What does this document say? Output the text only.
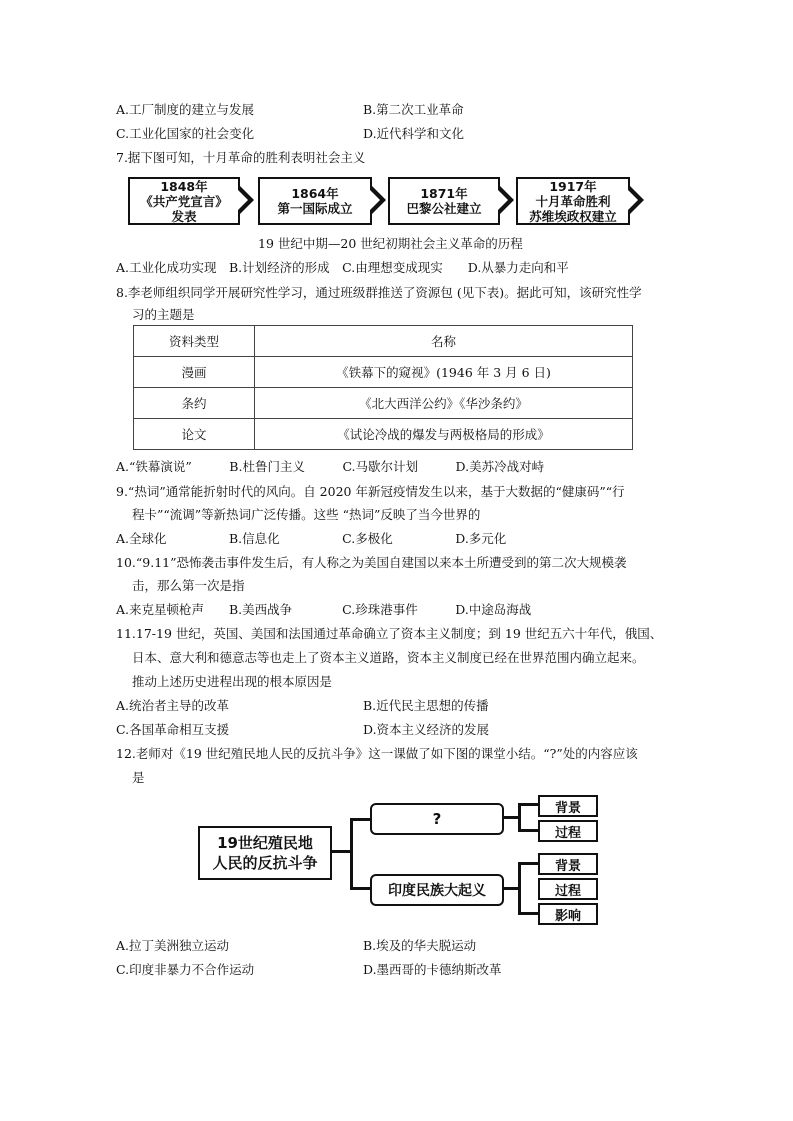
A.工厂制度的建立与发展	B.第二次工业革命
C.工业化国家的社会变化	D.近代科学和文化
7.据下图可知，十月革命的胜利表明社会主义
1848年
《共产党宣言》
发表
1864年
第一国际成立
1871年
巴黎公社建立
1917年
十月革命胜利
苏维埃政权建立
19 世纪中期—20 世纪初期社会主义革命的历程
A.工业化成功实现　B.计划经济的形成　C.由理想变成现实　　D.从暴力走向和平
8.李老师组织同学开展研究性学习，通过班级群推送了资源包 (见下表)。据此可知，该研究性学
习的主题是
资料类型	名称
漫画	《铁幕下的窥视》(1946 年 3 月 6 日)
条约	《北大西洋公约》《华沙条约》
论文	《试论冷战的爆发与两极格局的形成》
A.“铁幕演说”　　　B.杜鲁门主义　　　C.马歇尔计划　　　D.美苏冷战对峙
9.“热词”通常能折射时代的风向。自 2020 年新冠疫情发生以来，基于大数据的“健康码”“行
程卡”“流调”等新热词广泛传播。这些 “热词”反映了当今世界的
A.全球化　　　　　B.信息化　　　　　C.多极化　　　　　D.多元化
10.“9.11”恐怖袭击事件发生后，有人称之为美国自建国以来本土所遭受到的第二次大规模袭
击，那么第一次是指
A.来克星顿枪声　　B.美西战争　　　　C.珍珠港事件　　　D.中途岛海战
11.17-19 世纪，英国、美国和法国通过革命确立了资本主义制度；到 19 世纪五六十年代，俄国、
日本、意大利和德意志等也走上了资本主义道路，资本主义制度已经在世界范围内确立起来。
推动上述历史进程出现的根本原因是
A.统治者主导的改革	B.近代民主思想的传播
C.各国革命相互支援	D.资本主义经济的发展
12.老师对《19 世纪殖民地人民的反抗斗争》这一课做了如下图的课堂小结。“?”处的内容应该
是
19世纪殖民地
人民的反抗斗争
?
背景
过程
印度民族大起义
背景
过程
影响
A.拉丁美洲独立运动	B.埃及的华夫脱运动
C.印度非暴力不合作运动	D.墨西哥的卡德纳斯改革
